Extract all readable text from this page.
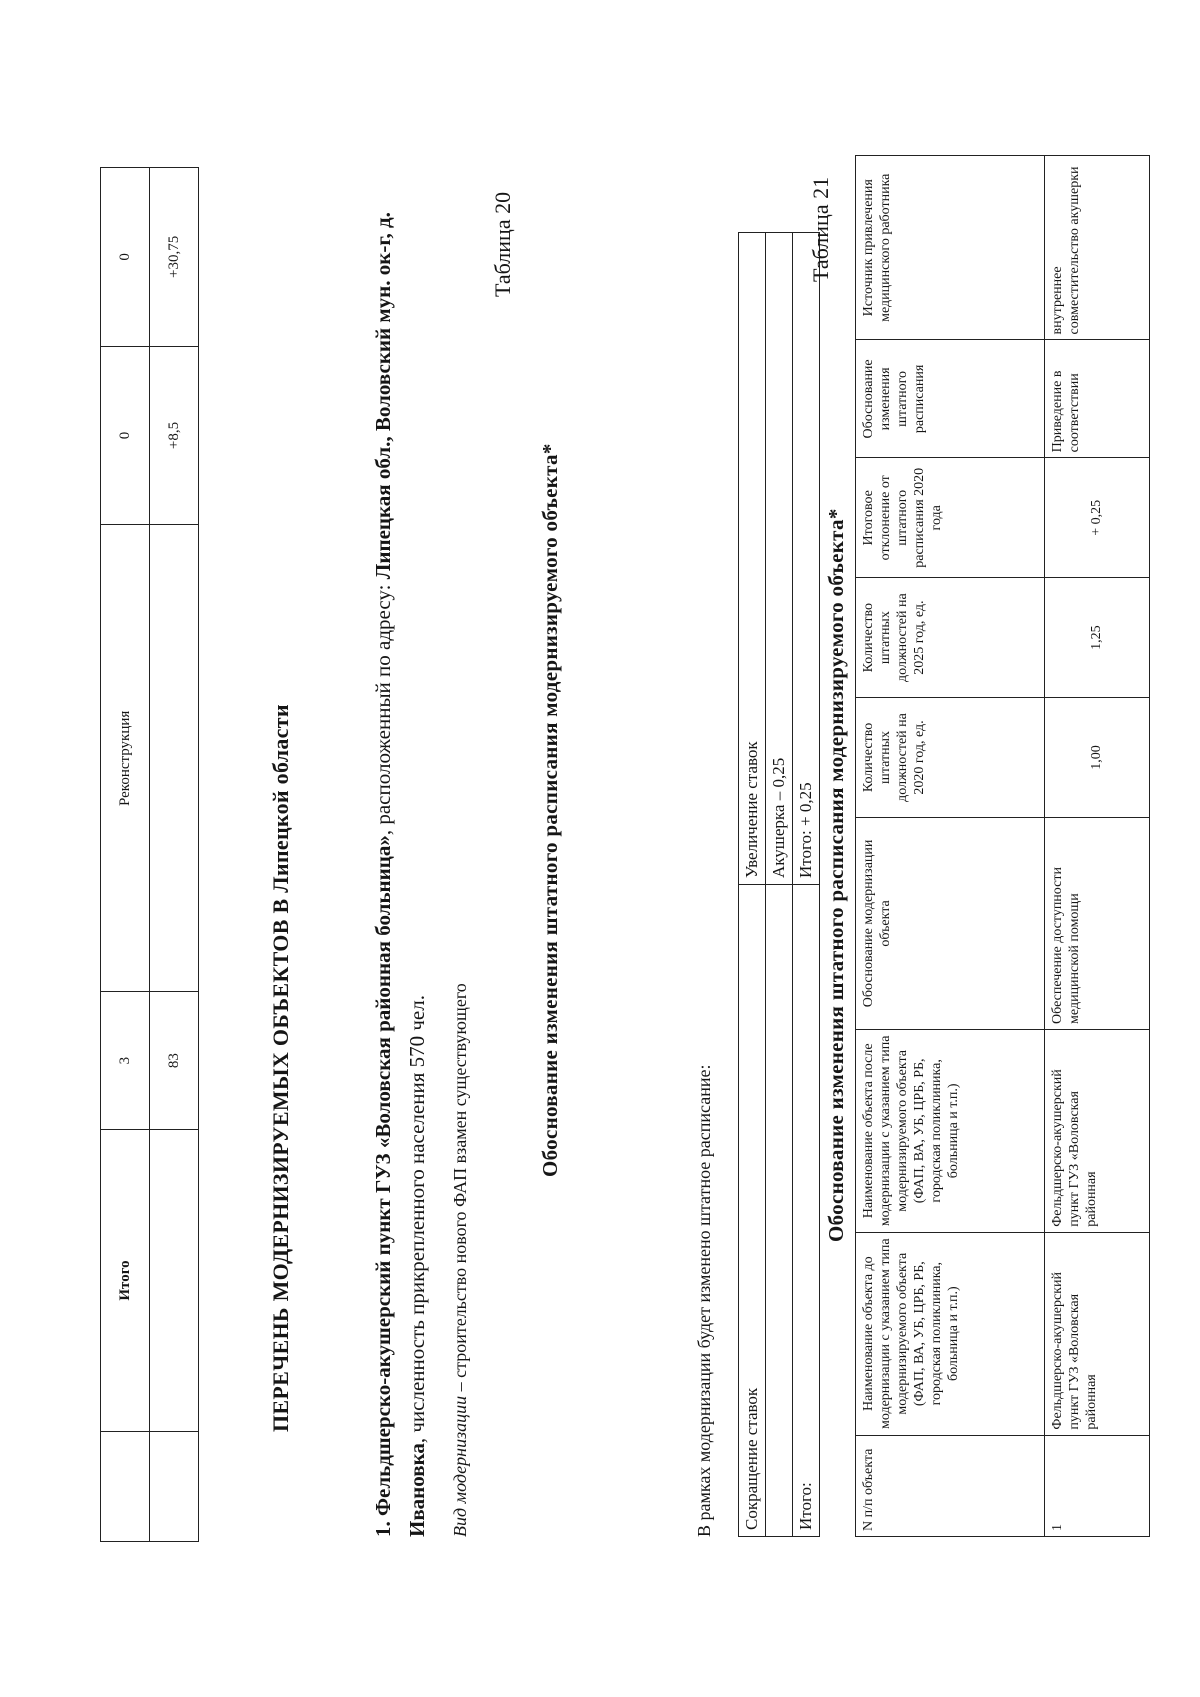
	Итого	3	Реконструкция	0	0
		83		+8,5	+30,75
ПЕРЕЧЕНЬ МОДЕРНИЗИРУЕМЫХ ОБЪЕКТОВ В Липецкой области
1. Фельдшерско-акушерский пункт ГУЗ «Воловская районная больница», расположенный по адресу: Липецкая обл., Воловский мун. ок-г, д. Ивановка, численность прикрепленного населения 570 чел.
Вид модернизации – строительство нового ФАП взамен существующего
Таблица 20
Обоснование изменения штатного расписания модернизируемого объекта*
В рамках модернизации будет изменено штатное расписание: Сокращение ставок	Увеличение ставок
	Акушерка – 0,25
Итого:	Итого: + 0,25
Таблица 21
Обоснование изменения штатного расписания модернизируемого объекта*
N п/п объекта	Наименование объекта до модернизации с указанием типа модернизируемого объекта (ФАП, ВА, УБ, ЦРБ, РБ, городская поликлиника, больница и т.п.)	Наименование объекта после модернизации с указанием типа модернизируемого объекта (ФАП, ВА, УБ, ЦРБ, РБ, городская поликлиника, больница и т.п.)	Обоснование модернизации объекта	Количество штатных должностей на 2020 год, ед.	Количество штатных должностей на 2025 год, ед.	Итоговое отклонение от штатного расписания 2020 года	Обоснование изменения штатного расписания	Источник привлечения медицинского работника
1	Фельдшерско-акушерский пункт ГУЗ «Воловская районная	Фельдшерско-акушерский пункт ГУЗ «Воловская районная	Обеспечение доступности медицинской помощи	1,00	1,25	+ 0,25	Приведение в соответствии	внутреннее совместительство акушерки
